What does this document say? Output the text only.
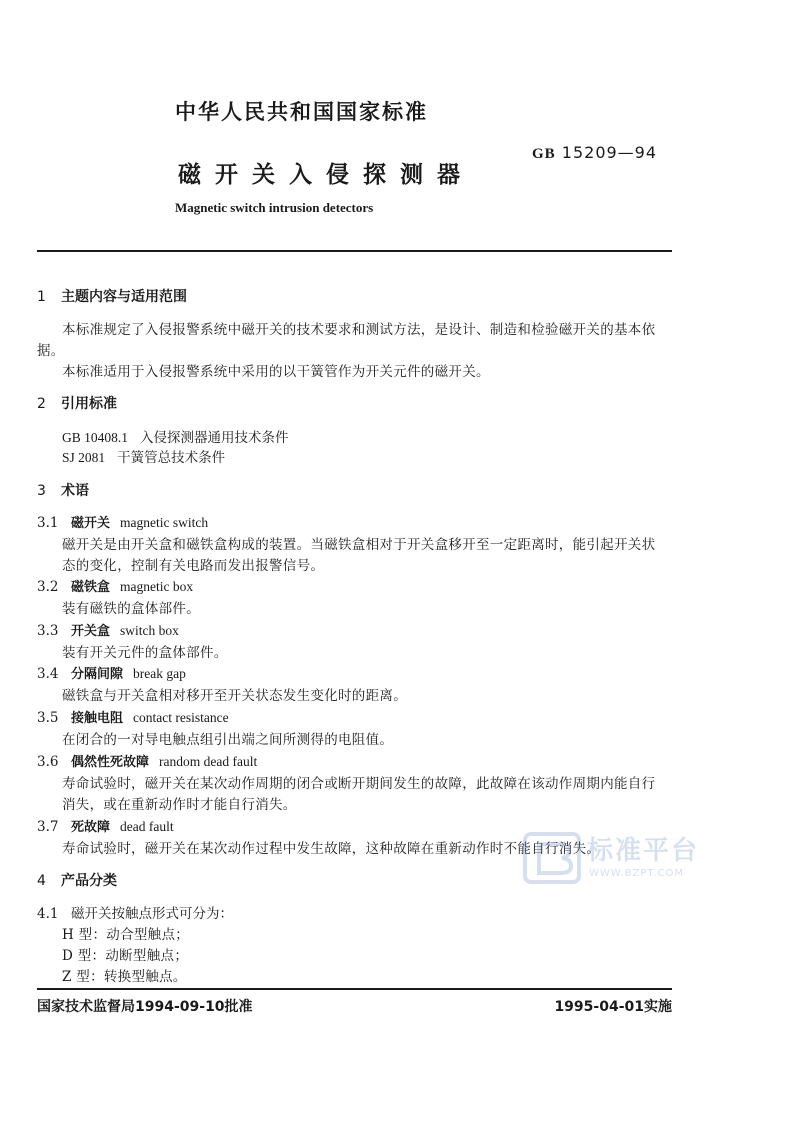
中华人民共和国国家标准
GB 15209—94
磁开关入侵探测器
Magnetic switch intrusion detectors
1 主题内容与适用范围
本标准规定了入侵报警系统中磁开关的技术要求和测试方法，是设计、制造和检验磁开关的基本依
据。
本标准适用于入侵报警系统中采用的以干簧管作为开关元件的磁开关。
2 引用标准
GB 10408.1 入侵探测器通用技术条件
SJ 2081 干簧管总技术条件
3 术语
3.1 磁开关 magnetic switch
磁开关是由开关盒和磁铁盒构成的装置。当磁铁盒相对于开关盒移开至一定距离时，能引起开关状
态的变化，控制有关电路而发出报警信号。
3.2 磁铁盒 magnetic box
装有磁铁的盒体部件。
3.3 开关盒 switch box
装有开关元件的盒体部件。
3.4 分隔间隙 break gap
磁铁盒与开关盒相对移开至开关状态发生变化时的距离。
3.5 接触电阻 contact resistance
在闭合的一对导电触点组引出端之间所测得的电阻值。
3.6 偶然性死故障 random dead fault
寿命试验时，磁开关在某次动作周期的闭合或断开期间发生的故障，此故障在该动作周期内能自行
消失，或在重新动作时才能自行消失。
3.7 死故障 dead fault
寿命试验时，磁开关在某次动作过程中发生故障，这种故障在重新动作时不能自行消失。
标准平台
WWW.BZPT.COM
4 产品分类
4.1 磁开关按触点形式可分为：
H 型：动合型触点；
D 型：动断型触点；
Z 型：转换型触点。
国家技术监督局1994-09-10批准	1995-04-01实施
